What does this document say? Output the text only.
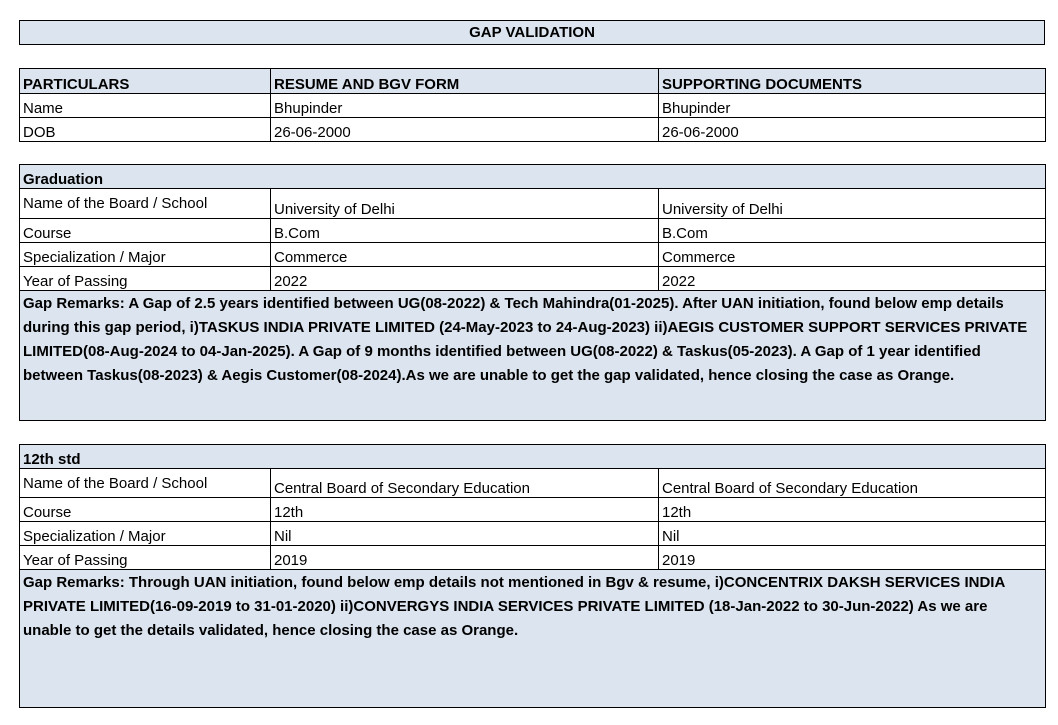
GAP VALIDATION
PARTICULARS	RESUME AND BGV FORM	SUPPORTING DOCUMENTS
Name	Bhupinder	Bhupinder
DOB	26-06-2000	26-06-2000
Graduation		
Name of the Board / School	University of Delhi	University of Delhi
Course	B.Com	B.Com
Specialization / Major	Commerce	Commerce
Year of Passing	2022	2022
Gap Remarks: A Gap of 2.5 years identified between UG(08-2022) & Tech Mahindra(01-2025). After UAN initiation, found below emp details during this gap period, i)TASKUS INDIA PRIVATE LIMITED (24-May-2023 to 24-Aug-2023) ii)AEGIS CUSTOMER SUPPORT SERVICES PRIVATE LIMITED(08-Aug-2024 to 04-Jan-2025). A Gap of 9 months identified between UG(08-2022) & Taskus(05-2023). A Gap of 1 year identified between Taskus(08-2023) & Aegis Customer(08-2024).As we are unable to get the gap validated, hence closing the case as Orange.		
12th std		
Name of the Board / School	Central Board of Secondary Education	Central Board of Secondary Education
Course	12th	12th
Specialization / Major	Nil	Nil
Year of Passing	2019	2019
Gap Remarks: Through UAN initiation, found below emp details not mentioned in Bgv & resume, i)CONCENTRIX DAKSH SERVICES INDIA PRIVATE LIMITED(16-09-2019 to 31-01-2020) ii)CONVERGYS INDIA SERVICES PRIVATE LIMITED (18-Jan-2022 to 30-Jun-2022) As we are unable to get the details validated, hence closing the case as Orange.		
